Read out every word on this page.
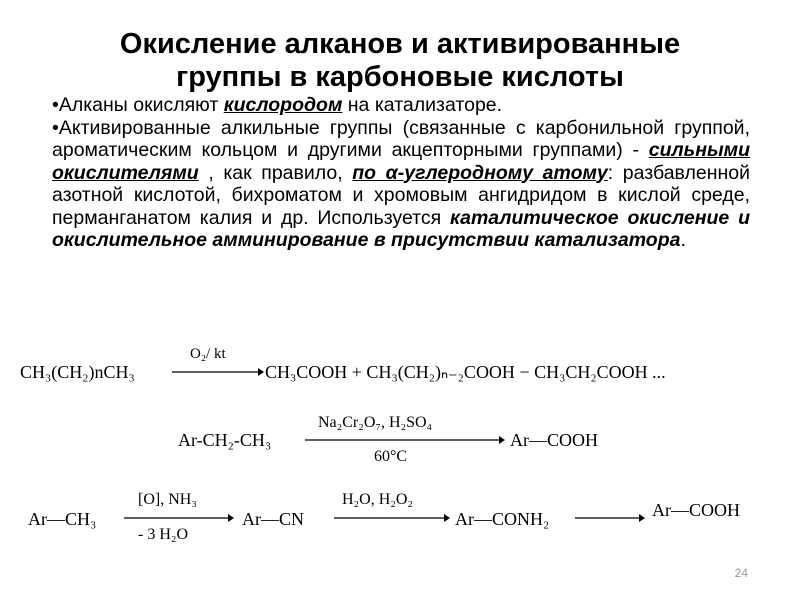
Окисление алканов и активированные
группы в карбоновые кислоты

•Алканы окисляют кислородом на катализаторе.

•Активированные алкильные группы (связанные с карбонильной группой, ароматическим кольцом и другими акцепторными группами) - сильными окислителями , как правило, по α-углеродному атому: разбавленной азотной кислотой, бихроматом и хромовым ангидридом в кислой среде, перманганатом калия и др. Используется каталитическое окисление и окислительное амминирование в присутствии катализатора.

CH₃(CH₂)nCH₃
O₂/ kt
CH₃COOH + CH₃(CH₂)ₙ₋₂COOH − CH₃CH₂COOH ...
Ar-CH₂-CH₃
Na₂Cr₂O₇, H₂SO₄
60°C
Ar—COOH
Ar—CH₃
[O], NH₃
- 3 H₂O
Ar—CN
H₂O, H₂O₂
Ar—CONH₂	Ar—COOH
24
